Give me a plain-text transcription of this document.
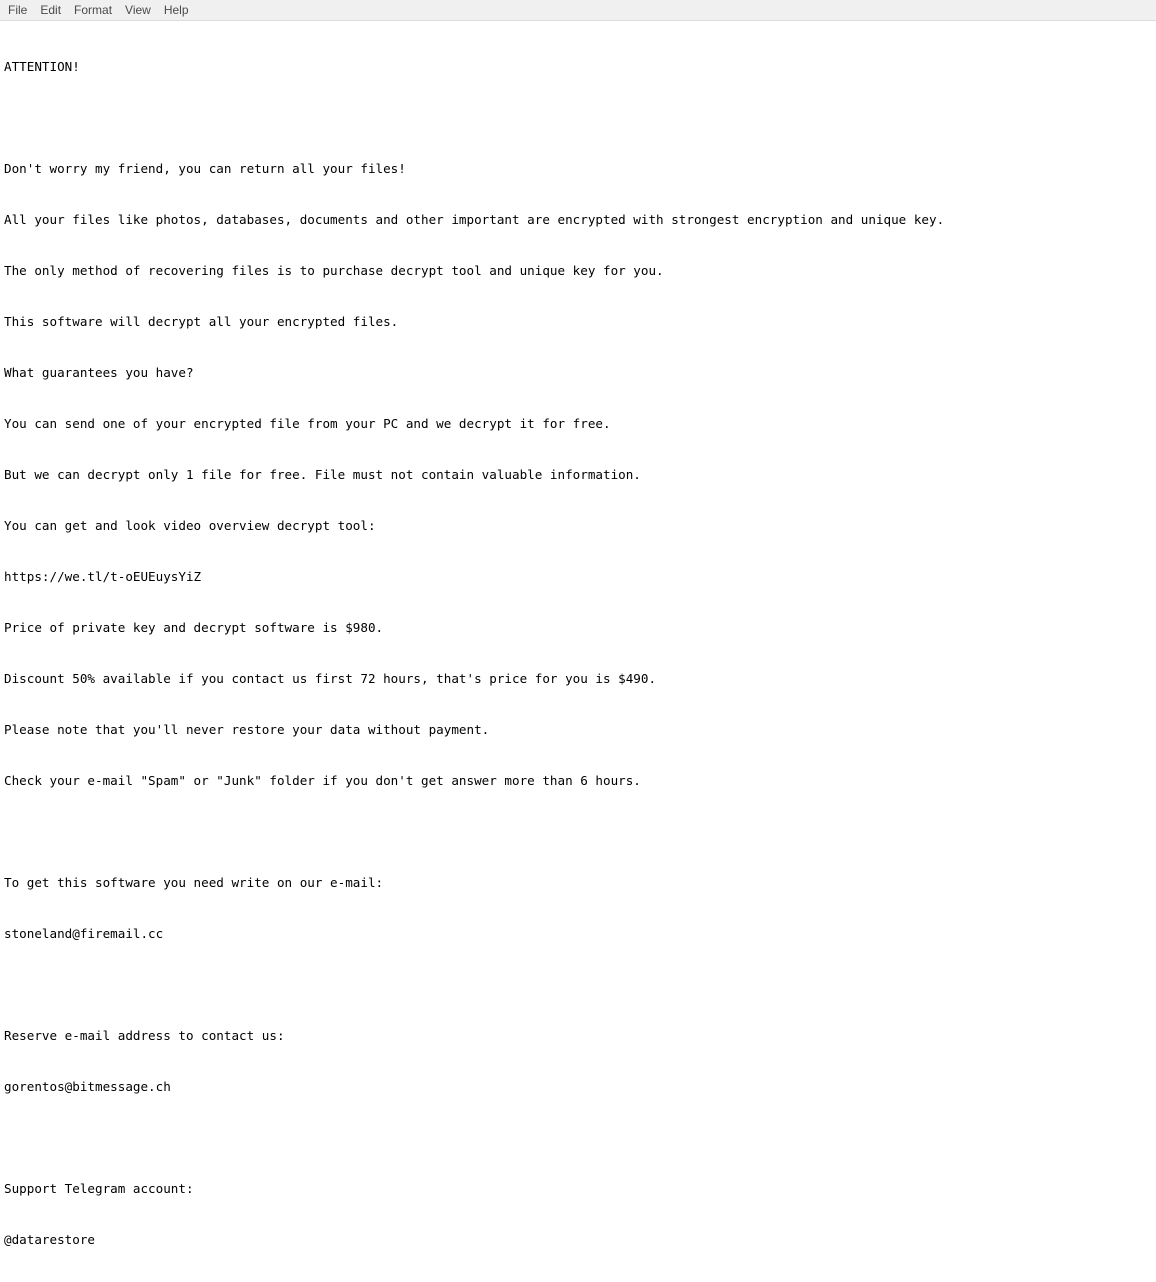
File	Edit	Format	View	Help

ATTENTION!

Don't worry my friend, you can return all your files!

All your files like photos, databases, documents and other important are encrypted with strongest encryption and unique key.

The only method of recovering files is to purchase decrypt tool and unique key for you.

This software will decrypt all your encrypted files.

What guarantees you have?

You can send one of your encrypted file from your PC and we decrypt it for free.

But we can decrypt only 1 file for free. File must not contain valuable information.

You can get and look video overview decrypt tool:

https://we.tl/t-oEUEuysYiZ

Price of private key and decrypt software is $980.

Discount 50% available if you contact us first 72 hours, that's price for you is $490.

Please note that you'll never restore your data without payment.

Check your e-mail "Spam" or "Junk" folder if you don't get answer more than 6 hours.

To get this software you need write on our e-mail:

stoneland@firemail.cc

Reserve e-mail address to contact us:

gorentos@bitmessage.ch

Support Telegram account:

@datarestore
